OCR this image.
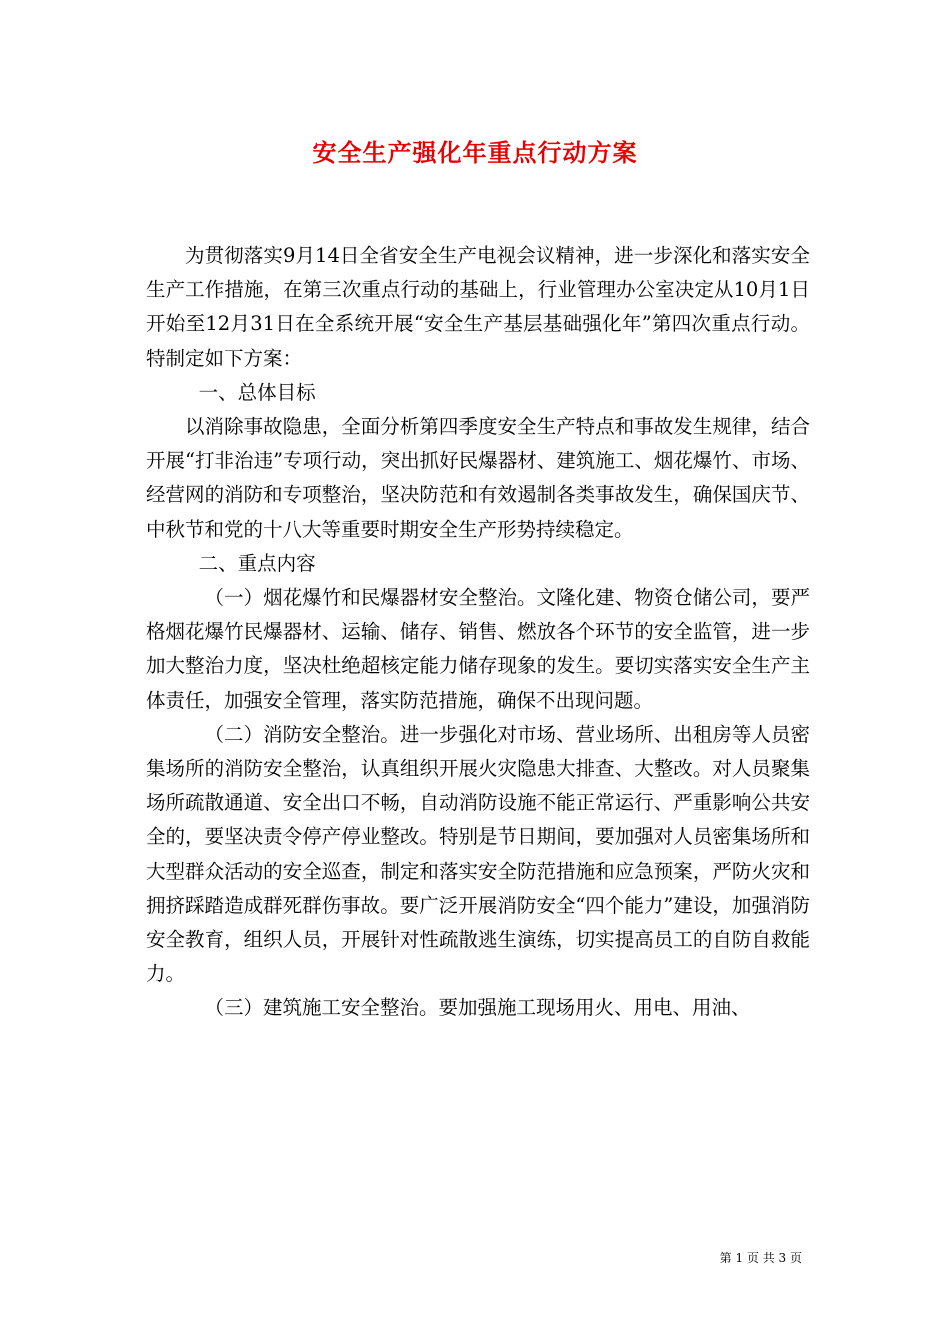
安全生产强化年重点行动方案

为贯彻落实9月14日全省安全生产电视会议精神，进一步深化和落实安全生产工作措施，在第三次重点行动的基础上，行业管理办公室决定从10月1日开始至12月31日在全系统开展“安全生产基层基础强化年”第四次重点行动。特制定如下方案：

一、总体目标

以消除事故隐患，全面分析第四季度安全生产特点和事故发生规律，结合开展“打非治违”专项行动，突出抓好民爆器材、建筑施工、烟花爆竹、市场、经营网的消防和专项整治，坚决防范和有效遏制各类事故发生，确保国庆节、中秋节和党的十八大等重要时期安全生产形势持续稳定。

二、重点内容

（一）烟花爆竹和民爆器材安全整治。文隆化建、物资仓储公司，要严格烟花爆竹民爆器材、运输、储存、销售、燃放各个环节的安全监管，进一步加大整治力度，坚决杜绝超核定能力储存现象的发生。要切实落实安全生产主体责任，加强安全管理，落实防范措施，确保不出现问题。

（二）消防安全整治。进一步强化对市场、营业场所、出租房等人员密集场所的消防安全整治，认真组织开展火灾隐患大排查、大整改。对人员聚集场所疏散通道、安全出口不畅，自动消防设施不能正常运行、严重影响公共安全的，要坚决责令停产停业整改。特别是节日期间，要加强对人员密集场所和大型群众活动的安全巡查，制定和落实安全防范措施和应急预案，严防火灾和拥挤踩踏造成群死群伤事故。要广泛开展消防安全“四个能力”建设，加强消防安全教育，组织人员，开展针对性疏散逃生演练，切实提高员工的自防自救能力。

（三）建筑施工安全整治。要加强施工现场用火、用电、用油、

第 1 页 共 3 页
